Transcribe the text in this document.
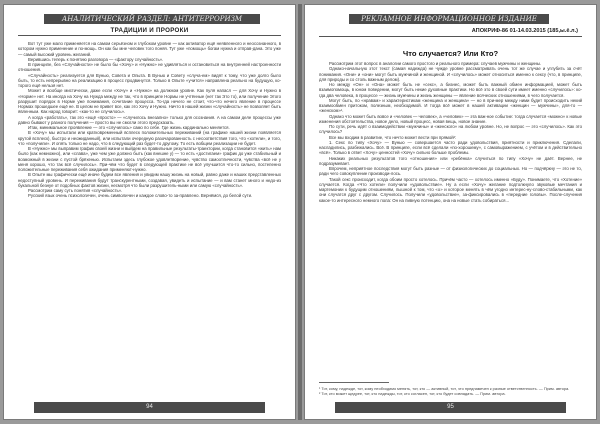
АНАЛИТИЧЕСКИЙ РАЗДЕЛ: АНТИТЕРРОРИЗМ
ТРАДИЦИИ И ПРОРОКИ

Вот тут уже мало применяется на самом серьёзном и глубоком уровне — как активатор ещё неявленного и неосознанного, в котором нужно применение и по-мощь. Он как бы мне человек того поняя. Тут уже «помощь» богам нужна и отправ-дана. Это уже — самый высокий уровень желаний.

Верившись теперь к понятию разговора — «фактору случайность».

В принципе, без «Случайности» не было бы «Хочу» и «Нужно» не удивляться и остановиться на внутренней настроенности отношения.

«Случайность» реализуется для Вунью, Совета и Опыта. В Вунью и Совету «случа-ем» видят к тому, что уже долго было быть, то есть непрерывно на реализацию в процесс продвинутся. Только в Опыте «учится» направлена реально на будущую, ко-торого ещё нельзя нет.

Может и вообще мистически, даже если «Хочу» и «Нужно» на должном уровне. Как пуля напасл — для Хочу и Нужно в «Норме» нет. На иногда на Хочу на Нужда между не так, что в принципе Нормы не учтённые (нет так Это то), или получение Этого разрушит порядок в Норме уже понимания, сочетание процесса. То-гда нечего не стоит, что-что нечего явление в процессе Нормах прошедшее ещё не. В целом не привет все, как это Хочу и Нужно. Ничто в нашей жизни «случайность» не позволяет быть явленным. Как народ говорит: «как-то не случилось».

А когда «работать», так это «ещё «просто» — «случилось внезапно» только для осознания. А на самом деле процессы уже давно бывают у разного получения — просто вы не смогли этого предсказать.

Итак, минимальное проявление — это «случилось» само по себе. Где жизнь кардинально меняется.

В «Хочу» мы испытали или кратковременный всплеск положительных переживаний (на графике нашей жизни появляется крутой всплеск), быстро и неожиданный), или испытали очередную разочарованность с несоответствия того, что «хотели», и того, что «получили». И опять только не надо, что в следующий раз будет-то другому. То есть вобщем реализации не будет.

В «Нужно» мы выправим график своей жизни и выйдем на правильные результаты-траектории, когда становится «жить» нам было (как немножно), или «слава», уже чем уже должно быть (как внешне у) — то есть «достигаем» график до уже стабильный и возможный в жизни с пустой брёхенью. Испытаем здесь глубокое удовлетворение, чувство самоотличности, чувства «всё не у меня хорошо, что так всё случилось». При-чём что будет в следующей практике не всё улучшится что-то сильно, постепенно положительные переживания себя ожидания применяют-нужно.

В Опыте мы графически ещё иначе будем все явления и увидим нашу жизнь на новый, равно даже и наших представленных недоступный уровень. И переживания будут транскурентными, создавая, увидеть и испытание — и вам станет много и недо-из букальной безнуе от подобных фактов жизни, несмотря что были разрушитель-ными или самую «случайность».

Рассмотрим саму суть понятия «случайность».

Русский язык очень психологичен, очень символичен и каждое слово-то за-правлено. Вернёмся, до белой сути.

94
РЕКЛАМНОЕ ИНФОРМАЦИОННОЕ ИЗДАНИЕ
АПОКРИФ-86 01-14.03.2015 (185,ы.ё.л.)
Что случается? Или Кто?

Рассмотрим этот вопрос в аналогии самого простого и реального примера: случаев мужчины и женщины.

Однако-начальную этот текст (самая надежда) не чужде уровне рассматривать очень тот же случае и углубить за счёт понимания. «Они» и «они» могут быть мужчиной и женщиной. И «случилось» может относиться именно к сексу (что, в принципе, для природы и со столь важным делом).

Но между «Он» и «Она» может быть не «секс», а бизнес, может быть важный обмен информацией, может быть взаимопомощь, в юном поведении, могут быть некие духовные практики. Но всё это в своей сути имеет именно «случилось»: ко-гда два человека, в процессе — жизнь мужчины и жизнь женщины — явление всяческих отношениями, в чего получается.

Могут быть, по «нравам» и характеристикам «женщина и женщина» — но в при-мер между ними будет происходить некий взаимообмен притоком, полезным, необходимой. И тогда всё может в нашей активации «женщин — мужчины», для-то — «женском»¹.

Однако что может быть вовсе и «человек — человек», а «человек» — эта важ-ное событие: тогда случается «можно» к новые изменения обстоятельства, новое дело, новый процесс, новая вещь, новое знание.

По сути, речь идёт о взаимодействии «мужчины» и «женского» на любом уровне. Но, не вопрос — это «случилось». Как это случилось?

Все мы входим в развитие, что нечто может вести при прямой²:

1. Секс по типу «Хочу» — Вунью — совершается часто ради удовольствия, приятности и приключения. Сделали, насладились, разбежались. Всё. В принципе, если всё сделали «по-хорошему», с самовыражением, с учётом и в действительно «всё». Только в ответ «Хочу» ценностей «Хочу» сильно больше проблемы.

Никаких реальных результатов того «отношения» или «ребёнка» случиться по типу «Хочу» не даёт. Вернее, не подразумевает.

Впрочем, неприятное последствия могут быть разные — от физиологических до социальных. Но — подчёркну — это не то, ради чего совокупление производи-лось.

Такой секс происходит, когда обоим просто хотелось. Причём часто — хотелось именно «Буду». Понимаете, что «Хотение» случается. Когда «Что хотели» получили «удовольствие». Ну а если «Хочу» желание подтолкнуло звуковые мечтания и мартемонии к будущим отношениям, пышной к том, что «о» и которое менять в чём угодно интерес-ну-слово-стабильными, как они случатся друг с другом. Случилось. Получили «удовольствие», за-фиксировались в «передние головы». После-случения какое-то интересного немного пола: Он на пивную потенцию, она на новые стать собираться...

¹ Тот, кому, надежде, тот, кому необходимо менять, тот, кто — активный, тот, что преднамечен к разные ответственность. — Прим. автора.

² Тот, кто может щедрее, тот, кто надежды, тот, кто согласен, тот, кто будет совпадать. — Прим. автора.

95
